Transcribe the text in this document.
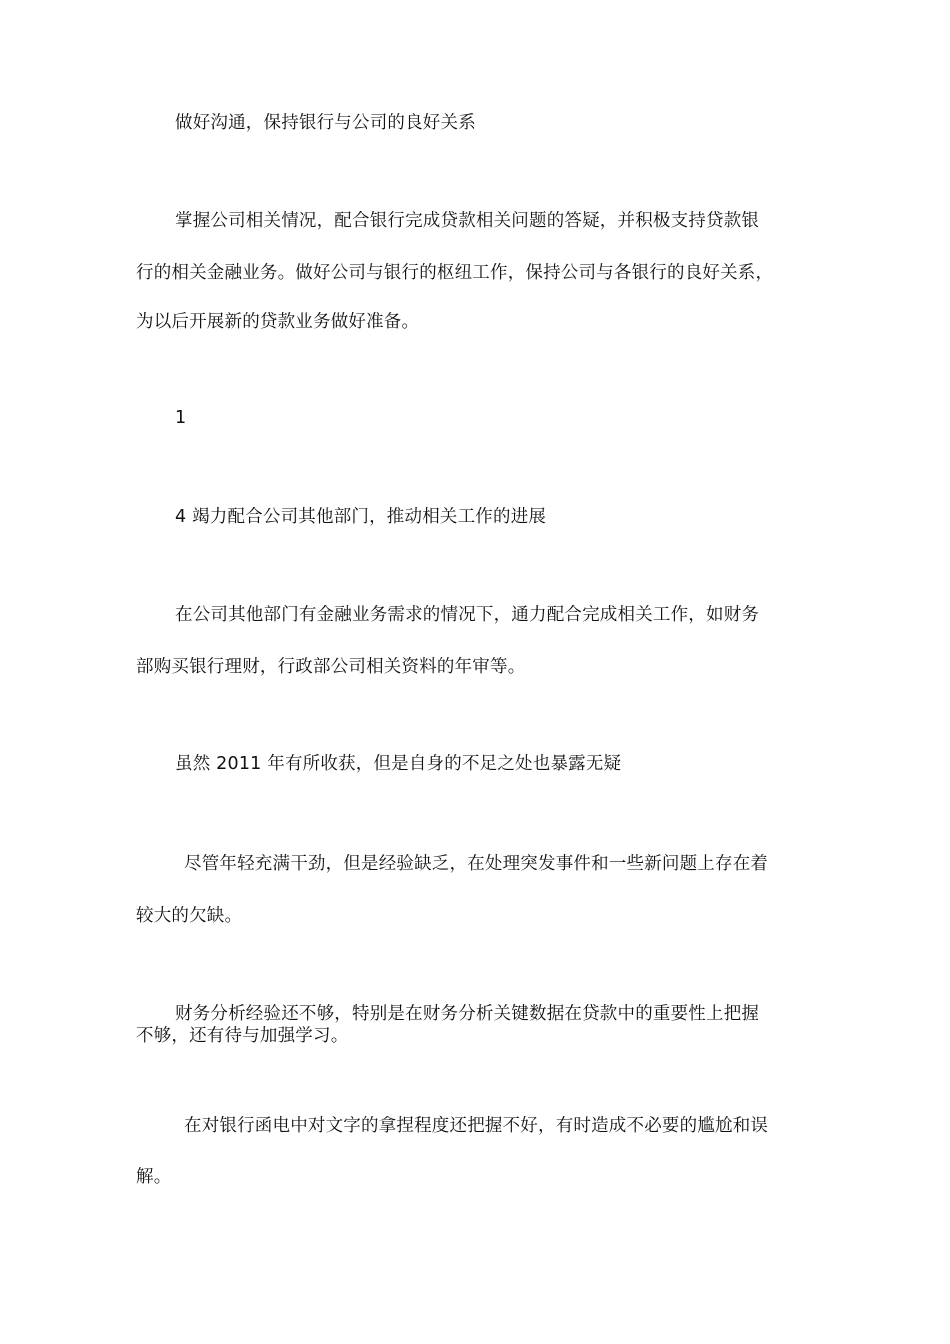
做好沟通，保持银行与公司的良好关系
掌握公司相关情况，配合银行完成贷款相关问题的答疑，并积极支持贷款银
行的相关金融业务。做好公司与银行的枢纽工作，保持公司与各银行的良好关系，
为以后开展新的贷款业务做好准备。
1
4 竭力配合公司其他部门，推动相关工作的进展
在公司其他部门有金融业务需求的情况下，通力配合完成相关工作，如财务
部购买银行理财，行政部公司相关资料的年审等。
虽然 2011 年有所收获，但是自身的不足之处也暴露无疑
尽管年轻充满干劲，但是经验缺乏，在处理突发事件和一些新问题上存在着
较大的欠缺。
财务分析经验还不够，特别是在财务分析关键数据在贷款中的重要性上把握
不够，还有待与加强学习。
在对银行函电中对文字的拿捏程度还把握不好，有时造成不必要的尴尬和误
解。
